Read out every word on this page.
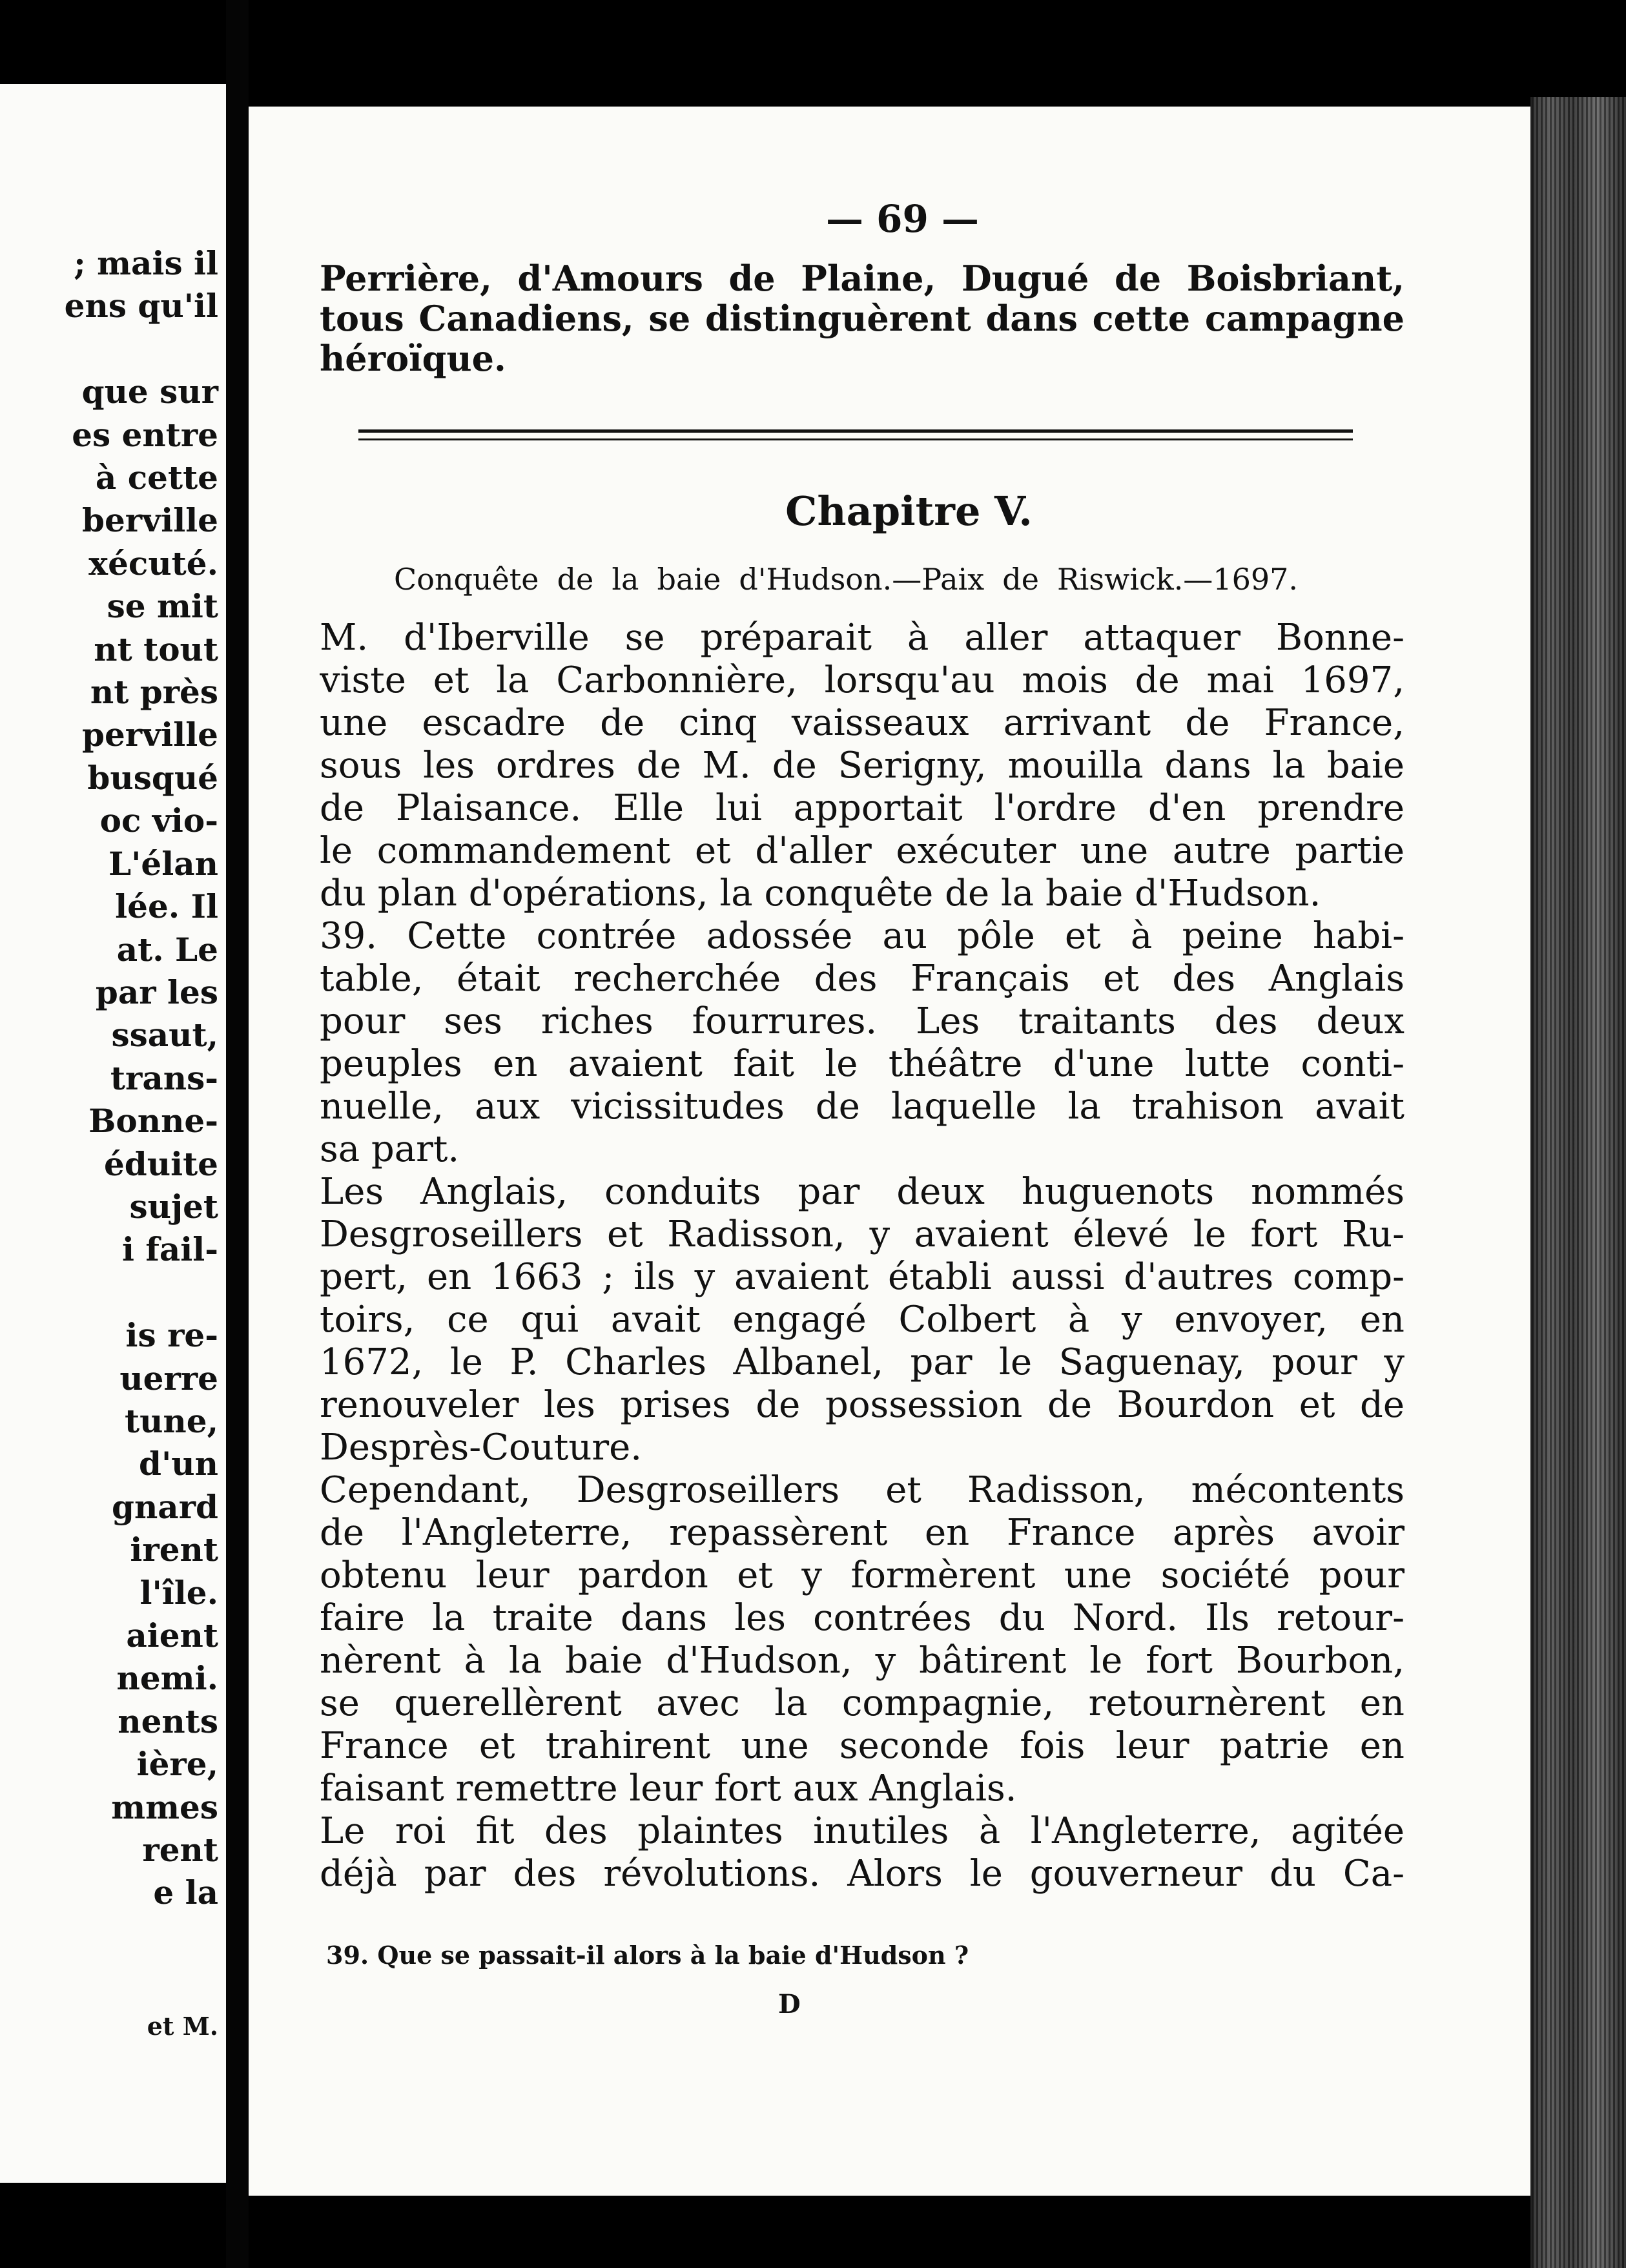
; mais il
ens qu'il

que sur
es entre
à cette
berville
xécuté.
se mit
nt tout
nt près
perville
busqué
oc vio-
L'élan
lée. Il
at. Le
par les
ssaut,
trans-
Bonne-
éduite
sujet
i fail-

is re-
uerre
tune,
d'un
gnard
irent
l'île.
aient
nemi.
nents
ière,
mmes
rent
e la
et M.
— 69 —
Perrière, d'Amours de Plaine, Dugué de Boisbriant,
tous Canadiens, se distinguèrent dans cette campagne
héroïque.
Chapitre V.
Conquête de la baie d'Hudson.—Paix de Riswick.—1697.
M. d'Iberville se préparait à aller attaquer Bonne-
viste et la Carbonnière, lorsqu'au mois de mai 1697,
une escadre de cinq vaisseaux arrivant de France,
sous les ordres de M. de Serigny, mouilla dans la baie
de Plaisance. Elle lui apportait l'ordre d'en prendre
le commandement et d'aller exécuter une autre partie
du plan d'opérations, la conquête de la baie d'Hudson.
39. Cette contrée adossée au pôle et à peine habi-
table, était recherchée des Français et des Anglais
pour ses riches fourrures. Les traitants des deux
peuples en avaient fait le théâtre d'une lutte conti-
nuelle, aux vicissitudes de laquelle la trahison avait
sa part.
Les Anglais, conduits par deux huguenots nommés
Desgroseillers et Radisson, y avaient élevé le fort Ru-
pert, en 1663 ; ils y avaient établi aussi d'autres comp-
toirs, ce qui avait engagé Colbert à y envoyer, en
1672, le P. Charles Albanel, par le Saguenay, pour y
renouveler les prises de possession de Bourdon et de
Desprès-Couture.
Cependant, Desgroseillers et Radisson, mécontents
de l'Angleterre, repassèrent en France après avoir
obtenu leur pardon et y formèrent une société pour
faire la traite dans les contrées du Nord. Ils retour-
nèrent à la baie d'Hudson, y bâtirent le fort Bourbon,
se querellèrent avec la compagnie, retournèrent en
France et trahirent une seconde fois leur patrie en
faisant remettre leur fort aux Anglais.
Le roi fit des plaintes inutiles à l'Angleterre, agitée
déjà par des révolutions. Alors le gouverneur du Ca-
39. Que se passait-il alors à la baie d'Hudson ?
D
